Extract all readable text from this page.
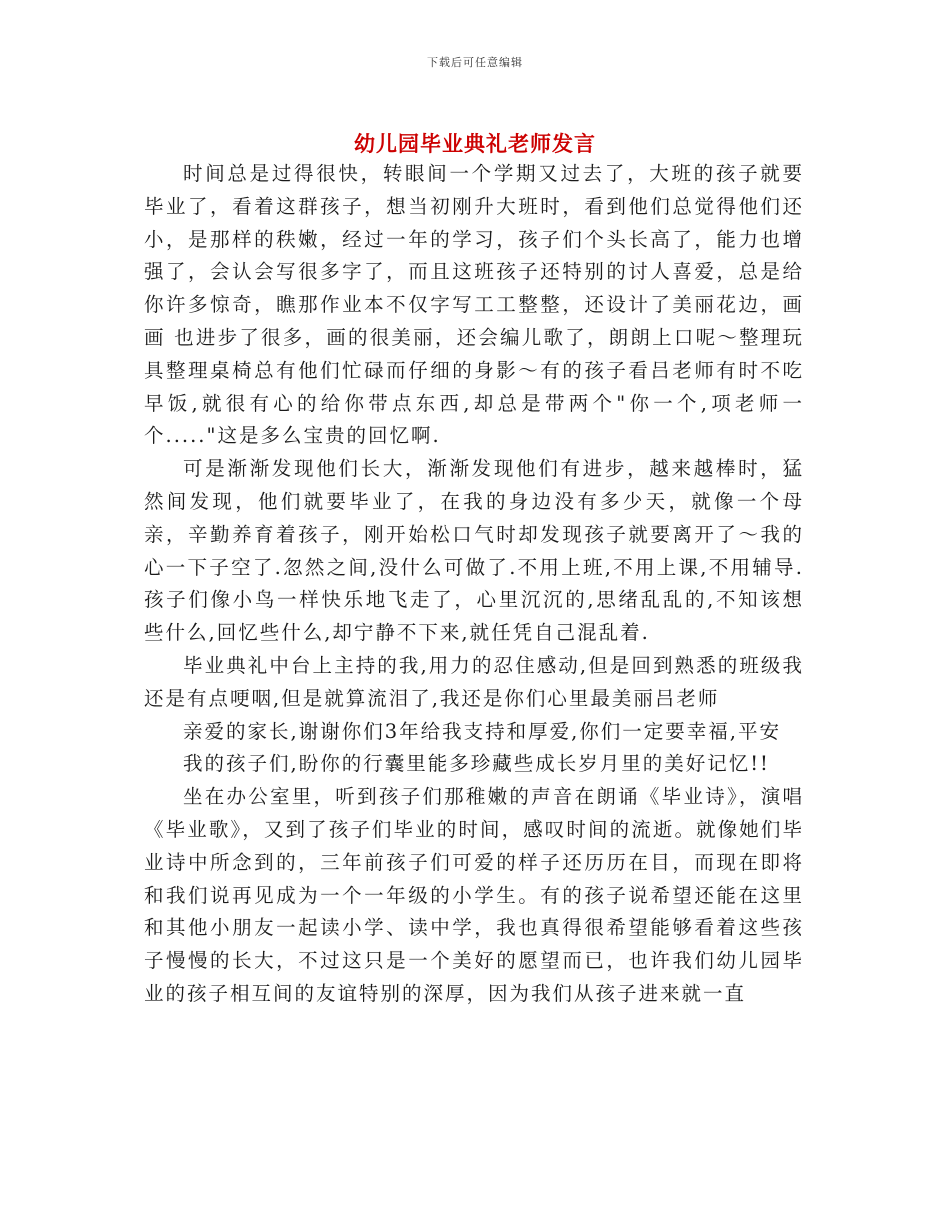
下载后可任意编辑
幼儿园毕业典礼老师发言

时间总是过得很快，转眼间一个学期又过去了，大班的孩子就要毕业了，看着这群孩子，想当初刚升大班时，看到他们总觉得他们还小，是那样的秩嫩，经过一年的学习，孩子们个头长高了，能力也增强了，会认会写很多字了，而且这班孩子还特别的讨人喜爱，总是给你许多惊奇，瞧那作业本不仅字写工工整整，还设计了美丽花边，画画 也进步了很多，画的很美丽，还会编儿歌了，朗朗上口呢～整理玩具整理桌椅总有他们忙碌而仔细的身影～有的孩子看吕老师有时不吃早饭,就很有心的给你带点东西,却总是带两个"你一个,项老师一个....."这是多么宝贵的回忆啊.

可是渐渐发现他们长大，渐渐发现他们有进步，越来越棒时，猛然间发现，他们就要毕业了，在我的身边没有多少天，就像一个母亲，辛勤养育着孩子，刚开始松口气时却发现孩子就要离开了～我的心一下子空了.忽然之间,没什么可做了.不用上班,不用上课,不用辅导.孩子们像小鸟一样快乐地飞走了，心里沉沉的,思绪乱乱的,不知该想些什么,回忆些什么,却宁静不下来,就任凭自己混乱着.

毕业典礼中台上主持的我,用力的忍住感动,但是回到熟悉的班级我还是有点哽咽,但是就算流泪了,我还是你们心里最美丽吕老师

亲爱的家长,谢谢你们3年给我支持和厚爱,你们一定要幸福,平安

我的孩子们,盼你的行囊里能多珍藏些成长岁月里的美好记忆!!

坐在办公室里，听到孩子们那稚嫩的声音在朗诵《毕业诗》，演唱《毕业歌》，又到了孩子们毕业的时间，感叹时间的流逝。就像她们毕业诗中所念到的，三年前孩子们可爱的样子还历历在目，而现在即将和我们说再见成为一个一年级的小学生。有的孩子说希望还能在这里和其他小朋友一起读小学、读中学，我也真得很希望能够看着这些孩子慢慢的长大，不过这只是一个美好的愿望而已，也许我们幼儿园毕业的孩子相互间的友谊特别的深厚，因为我们从孩子进来就一直
